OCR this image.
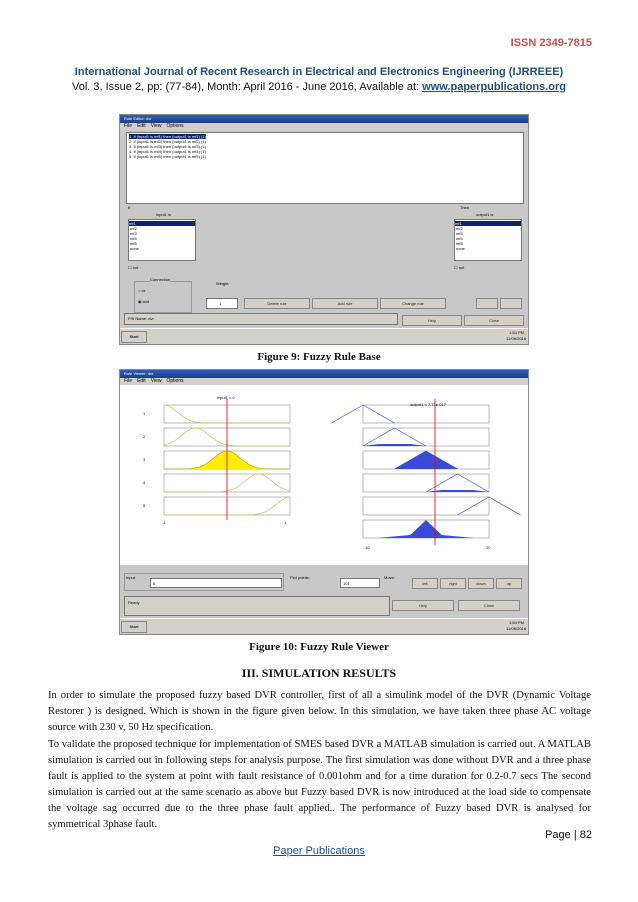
ISSN 2349-7815
International Journal of Recent Research in Electrical and Electronics Engineering (IJRREEE)
Vol. 3, Issue 2, pp: (77-84), Month: April 2016 - June 2016, Available at: www.paperpublications.org
Rule Editor: dvr
File Edit View Options
1. If (input1 is mf1) then (output1 is mf1) (1)
2. If (input1 is mf2) then (output1 is mf2) (1)
3. If (input1 is mf3) then (output1 is mf3) (1)
4. If (input1 is mf4) then (output1 is mf4) (1)
5. If (input1 is mf5) then (output1 is mf5) (1)
If	Then
input1 is	output1 is
mf1
mf2
mf3
mf4
mf5
none
mf1
mf2
mf3
mf4
mf5
none
☐ not	☐ not
Connection
○ or
◉ and
Weight:
1	Delete rule	Add rule	Change rule
FIS Name: dvr	Help	Close
Start
1:54 PM
11/06/2016
Figure 9: Fuzzy Rule Base
Rule Viewer: dvr
File Edit View Options
input1 = 0
output1 = 7.71e-017
1
2
3
4
5
-1	1
-10	10
Input:
0
Plot points:
101
Move:
left	right	down	up
Ready
Help	Close
Start
1:54 PM
11/06/2016
Figure 10: Fuzzy Rule Viewer
III. SIMULATION RESULTS
In order to simulate the proposed fuzzy based DVR controller, first of all a simulink model of the DVR (Dynamic Voltage Restorer ) is designed. Which is shown in the figure given below. In this simulation, we have taken three phase AC voltage source with 230 v, 50 Hz specification.
To validate the proposed technique for implementation of SMES based DVR a MATLAB simulation is carried out. A MATLAB simulation is carried out in following steps for analysis purpose. The first simulation was done without DVR and a three phase fault is applied to the system at point with fault resistance of 0.001ohm and for a time duration for 0.2-0.7 secs The second simulation is carried out at the same scenario as above but Fuzzy based DVR is now introduced at the load side to compensate the voltage sag occurred due to the three phase fault applied.. The performance of Fuzzy based DVR is analysed for symmetrical 3phase fault.
Page | 82
Paper Publications
